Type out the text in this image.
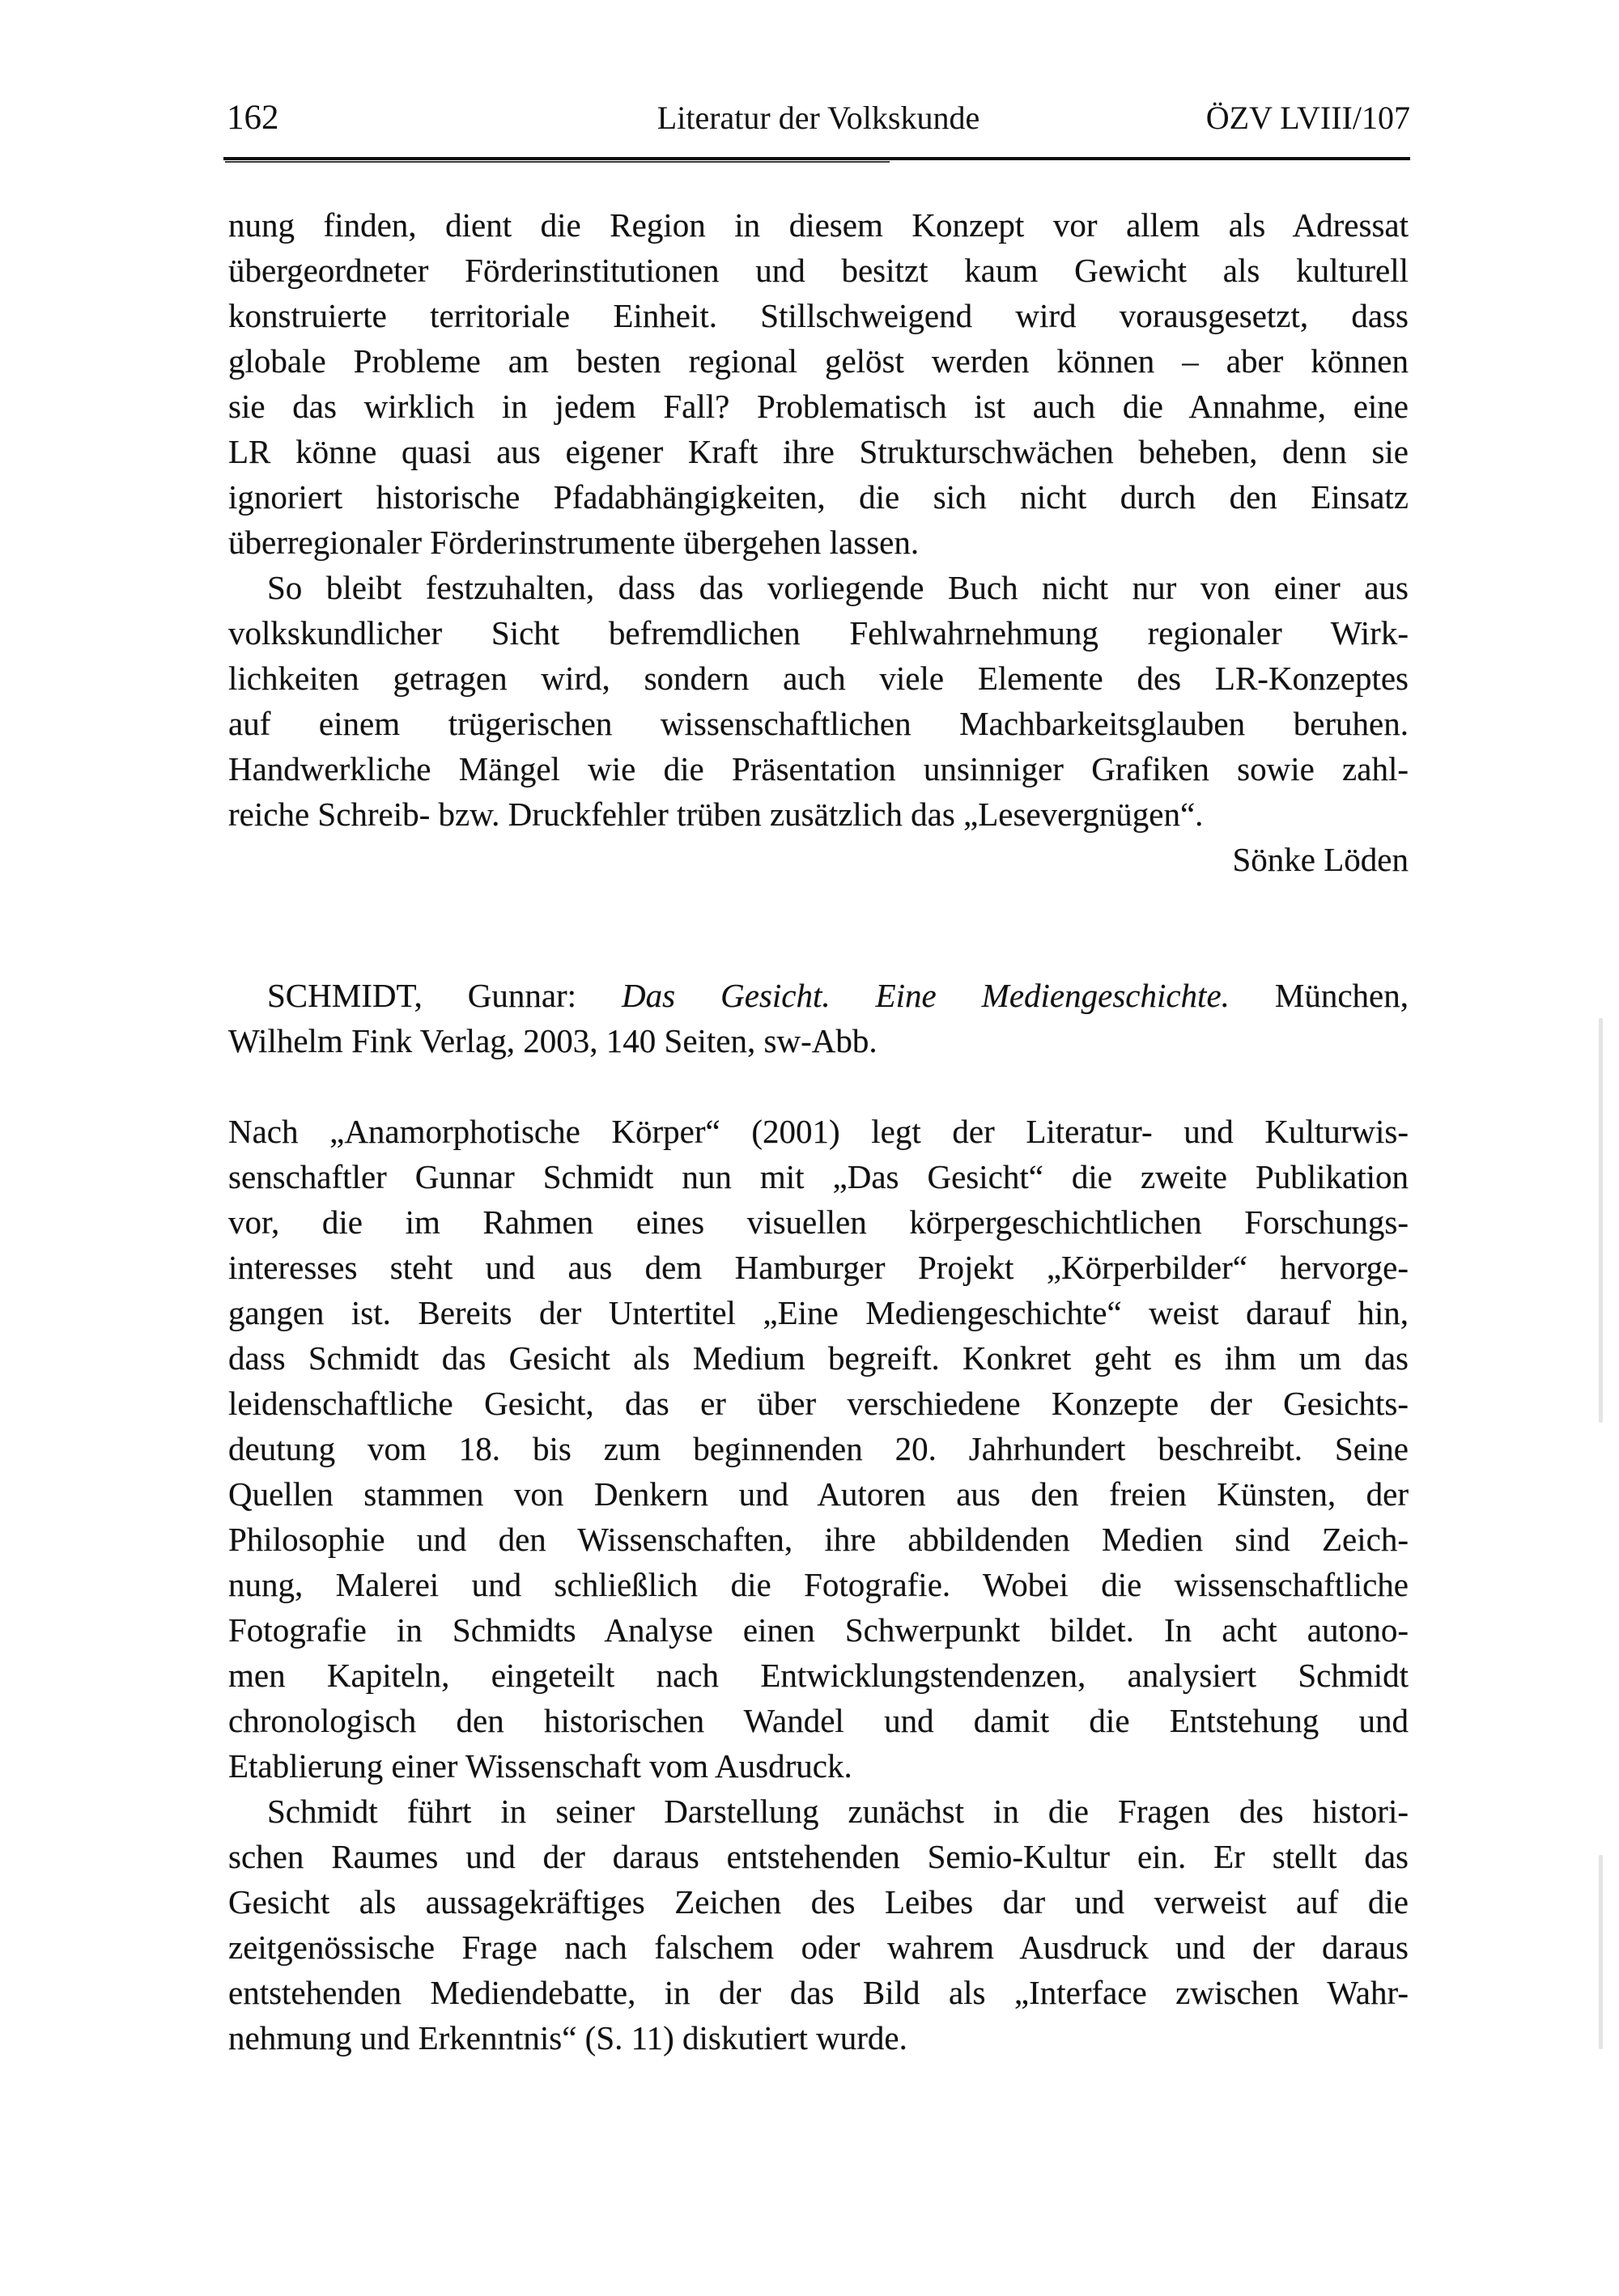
162	Literatur der Volkskunde	ÖZV LVIII/107
nung finden, dient die Region in diesem Konzept vor allem als Adressat
übergeordneter Förderinstitutionen und besitzt kaum Gewicht als kulturell
konstruierte territoriale Einheit. Stillschweigend wird vorausgesetzt, dass
globale Probleme am besten regional gelöst werden können – aber können
sie das wirklich in jedem Fall? Problematisch ist auch die Annahme, eine
LR könne quasi aus eigener Kraft ihre Strukturschwächen beheben, denn sie
ignoriert historische Pfadabhängigkeiten, die sich nicht durch den Einsatz
überregionaler Förderinstrumente übergehen lassen.
So bleibt festzuhalten, dass das vorliegende Buch nicht nur von einer aus
volkskundlicher Sicht befremdlichen Fehlwahrnehmung regionaler Wirk-
lichkeiten getragen wird, sondern auch viele Elemente des LR-Konzeptes
auf einem trügerischen wissenschaftlichen Machbarkeitsglauben beruhen.
Handwerkliche Mängel wie die Präsentation unsinniger Grafiken sowie zahl-
reiche Schreib- bzw. Druckfehler trüben zusätzlich das „Lesevergnügen“.
Sönke Löden
SCHMIDT, Gunnar: Das Gesicht. Eine Mediengeschichte. München,
Wilhelm Fink Verlag, 2003, 140 Seiten, sw-Abb.
Nach „Anamorphotische Körper“ (2001) legt der Literatur- und Kulturwis-
senschaftler Gunnar Schmidt nun mit „Das Gesicht“ die zweite Publikation
vor, die im Rahmen eines visuellen körpergeschichtlichen Forschungs-
interesses steht und aus dem Hamburger Projekt „Körperbilder“ hervorge-
gangen ist. Bereits der Untertitel „Eine Mediengeschichte“ weist darauf hin,
dass Schmidt das Gesicht als Medium begreift. Konkret geht es ihm um das
leidenschaftliche Gesicht, das er über verschiedene Konzepte der Gesichts-
deutung vom 18. bis zum beginnenden 20. Jahrhundert beschreibt. Seine
Quellen stammen von Denkern und Autoren aus den freien Künsten, der
Philosophie und den Wissenschaften, ihre abbildenden Medien sind Zeich-
nung, Malerei und schließlich die Fotografie. Wobei die wissenschaftliche
Fotografie in Schmidts Analyse einen Schwerpunkt bildet. In acht autono-
men Kapiteln, eingeteilt nach Entwicklungstendenzen, analysiert Schmidt
chronologisch den historischen Wandel und damit die Entstehung und
Etablierung einer Wissenschaft vom Ausdruck.
Schmidt führt in seiner Darstellung zunächst in die Fragen des histori-
schen Raumes und der daraus entstehenden Semio-Kultur ein. Er stellt das
Gesicht als aussagekräftiges Zeichen des Leibes dar und verweist auf die
zeitgenössische Frage nach falschem oder wahrem Ausdruck und der daraus
entstehenden Mediendebatte, in der das Bild als „Interface zwischen Wahr-
nehmung und Erkenntnis“ (S. 11) diskutiert wurde.
